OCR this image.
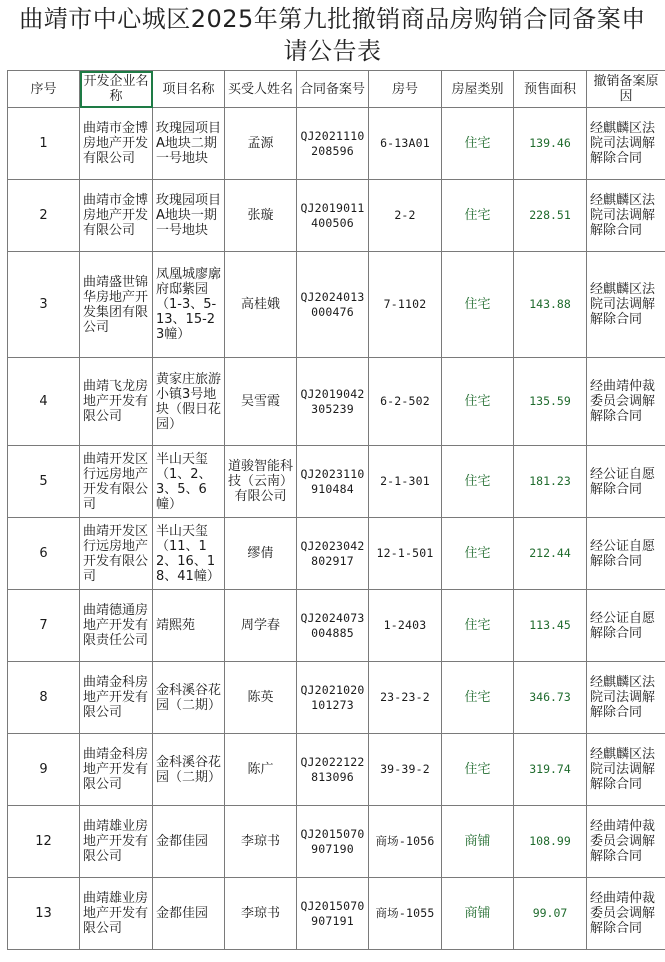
曲靖市中心城区2025年第九批撤销商品房购销合同备案申请公告表
序号	开发企业名称	项目名称	买受人姓名	合同备案号	房号	房屋类别	预售面积	撤销备案原因
1	曲靖市金博房地产开发有限公司	玫瑰园项目A地块二期一号地块	孟源	QJ2021110208596	6-13A01	住宅	139.46	经麒麟区法院司法调解解除合同
2	曲靖市金博房地产开发有限公司	玫瑰园项目A地块一期一号地块	张璇	QJ2019011400506	2-2	住宅	228.51	经麒麟区法院司法调解解除合同
3	曲靖盛世锦华房地产开发集团有限公司	凤凰城廖廓府邸紫园（1-3、5-13、15-23幢）	高桂娥	QJ2024013000476	7-1102	住宅	143.88	经麒麟区法院司法调解解除合同
4	曲靖飞龙房地产开发有限公司	黄家庄旅游小镇3号地块（假日花园）	吴雪霞	QJ2019042305239	6-2-502	住宅	135.59	经曲靖仲裁委员会调解解除合同
5	曲靖开发区行远房地产开发有限公司	半山天玺（1、2、3、5、6幢）	道骏智能科技（云南）有限公司	QJ2023110910484	2-1-301	住宅	181.23	经公证自愿解除合同
6	曲靖开发区行远房地产开发有限公司	半山天玺（11、12、16、18、41幢）	缪倩	QJ2023042802917	12-1-501	住宅	212.44	经公证自愿解除合同
7	曲靖德通房地产开发有限责任公司	靖熙苑	周学春	QJ2024073004885	1-2403	住宅	113.45	经公证自愿解除合同
8	曲靖金科房地产开发有限公司	金科溪谷花园（二期）	陈英	QJ2021020101273	23-23-2	住宅	346.73	经麒麟区法院司法调解解除合同
9	曲靖金科房地产开发有限公司	金科溪谷花园（二期）	陈广	QJ2022122813096	39-39-2	住宅	319.74	经麒麟区法院司法调解解除合同
12	曲靖雄业房地产开发有限公司	金都佳园	李琼书	QJ2015070907190	商场-1056	商铺	108.99	经曲靖仲裁委员会调解解除合同
13	曲靖雄业房地产开发有限公司	金都佳园	李琼书	QJ2015070907191	商场-1055	商铺	99.07	经曲靖仲裁委员会调解解除合同
